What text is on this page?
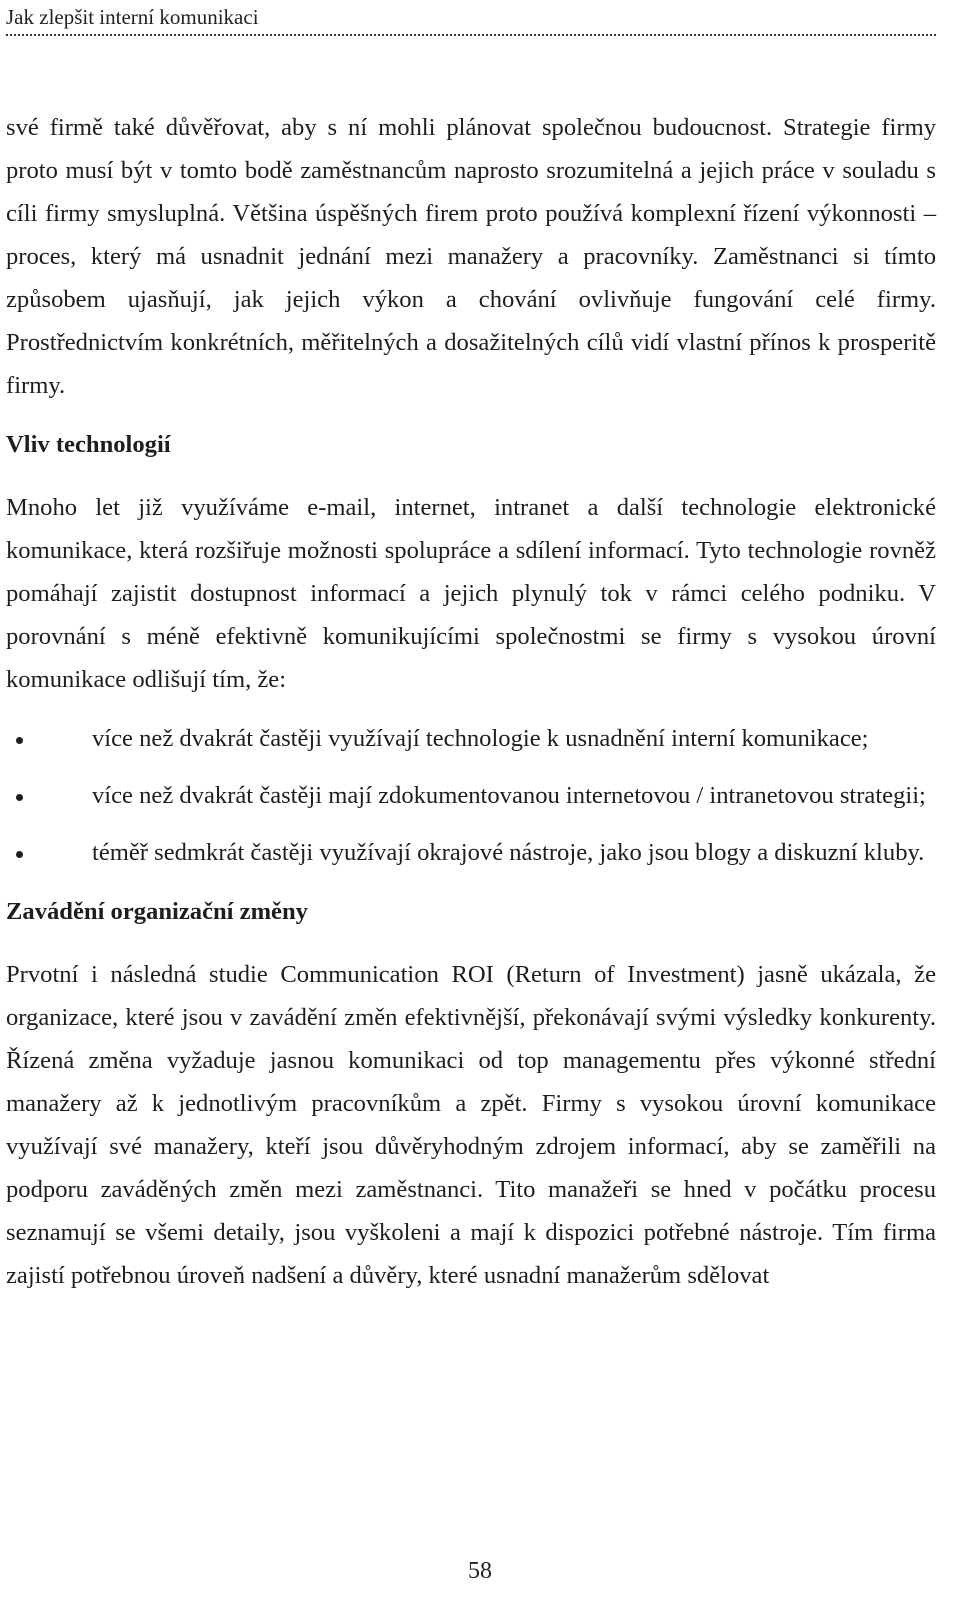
Jak zlepšit interní komunikaci

své firmě také důvěřovat, aby s ní mohli plánovat společnou budoucnost. Strategie firmy proto musí být v tomto bodě zaměstnancům naprosto srozumitelná a jejich práce v souladu s cíli firmy smysluplná. Většina úspěšných firem proto používá komplexní řízení výkonnosti – proces, který má usnadnit jednání mezi manažery a pracovníky. Zaměstnanci si tímto způsobem ujasňují, jak jejich výkon a chování ovlivňuje fungování celé firmy. Prostřednictvím konkrétních, měřitelných a dosažitelných cílů vidí vlastní přínos k prosperitě firmy.

Vliv technologií

Mnoho let již využíváme e-mail, internet, intranet a další technologie elektronické komunikace, která rozšiřuje možnosti spolupráce a sdílení informací. Tyto technologie rovněž pomáhají zajistit dostupnost informací a jejich plynulý tok v rámci celého podniku. V porovnání s méně efektivně komunikujícími společnostmi se firmy s vysokou úrovní komunikace odlišují tím, že:

více než dvakrát častěji využívají technologie k usnadnění interní komunikace;
více než dvakrát častěji mají zdokumentovanou internetovou / intranetovou strategii;
téměř sedmkrát častěji využívají okrajové nástroje, jako jsou blogy a diskuzní kluby.
Zavádění organizační změny

Prvotní i následná studie Communication ROI (Return of Investment) jasně ukázala, že organizace, které jsou v zavádění změn efektivnější, překonávají svými výsledky konkurenty. Řízená změna vyžaduje jasnou komunikaci od top managementu přes výkonné střední manažery až k jednotlivým pracovníkům a zpět. Firmy s vysokou úrovní komunikace využívají své manažery, kteří jsou důvěryhodným zdrojem informací, aby se zaměřili na podporu zaváděných změn mezi zaměstnanci. Tito manažeři se hned v počátku procesu seznamují se všemi detaily, jsou vyškoleni a mají k dispozici potřebné nástroje. Tím firma zajistí potřebnou úroveň nadšení a důvěry, které usnadní manažerům sdělovat

58
